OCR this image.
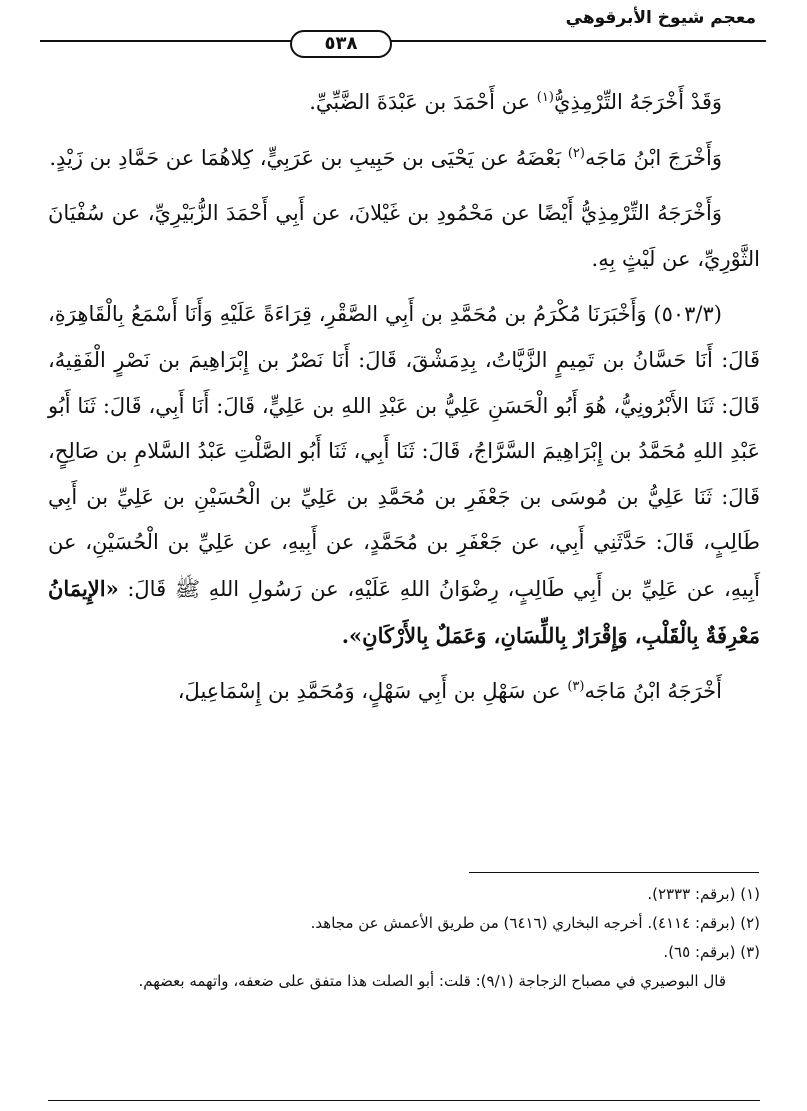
معجم شيوخ الأبرقوهي
٥٣٨

وَقَدْ أَخْرَجَهُ التِّرْمِذِيُّ$^{(١)}$ عن أَحْمَدَ بن عَبْدَةَ الضَّبِّيِّ.

وَأَخْرَجَ ابْنُ مَاجَه$^{(٢)}$ بَعْضَهُ عن يَحْيَى بن حَبِيبِ بن عَرَبِيٍّ، كِلاهُمَا عن حَمَّادِ بن زَيْدٍ.

وَأَخْرَجَهُ التِّرْمِذِيُّ أَيْضًا عن مَحْمُودِ بن غَيْلانَ، عن أَبِي أَحْمَدَ الزُّبَيْرِيِّ، عن سُفْيَانَ الثَّوْرِيِّ، عن لَيْثٍ بِهِ.

(٥٠٣/٣) وَأَخْبَرَنَا مُكْرَمُ بن مُحَمَّدِ بن أَبِي الصَّقْرِ، قِرَاءَةً عَلَيْهِ وَأَنَا أَسْمَعُ بِالْقَاهِرَةِ، قَالَ: أَنَا حَسَّانُ بن تَمِيمٍ الزَّيَّاتُ، بِدِمَشْقَ، قَالَ: أَنَا نَصْرُ بن إِبْرَاهِيمَ بن نَصْرٍ الْفَقِيهُ، قَالَ: ثَنَا الأَبْرُونِيُّ، هُوَ أَبُو الْحَسَنِ عَلِيُّ بن عَبْدِ اللهِ بن عَلِيٍّ، قَالَ: أَنَا أَبِي، قَالَ: ثَنَا أَبُو عَبْدِ اللهِ مُحَمَّدُ بن إِبْرَاهِيمَ السَّرَّاجُ، قَالَ: ثَنَا أَبِي، ثَنَا أَبُو الصَّلْتِ عَبْدُ السَّلامِ بن صَالِحٍ، قَالَ: ثَنَا عَلِيُّ بن مُوسَى بن جَعْفَرِ بن مُحَمَّدِ بن عَلِيِّ بن الْحُسَيْنِ بن عَلِيِّ بن أَبِي طَالِبٍ، قَالَ: حَدَّثَنِي أَبِي، عن جَعْفَرِ بن مُحَمَّدٍ، عن أَبِيهِ، عن عَلِيِّ بن الْحُسَيْنِ، عن أَبِيهِ، عن عَلِيِّ بن أَبِي طَالِبٍ، رِضْوَانُ اللهِ عَلَيْهِ، عن رَسُولِ اللهِ ﷺ قَالَ: «الإِيمَانُ مَعْرِفَةٌ بِالْقَلْبِ، وَإِقْرَارٌ بِاللِّسَانِ، وَعَمَلٌ بِالأَرْكَانِ».

أَخْرَجَهُ ابْنُ مَاجَه$^{(٣)}$ عن سَهْلِ بن أَبِي سَهْلٍ، وَمُحَمَّدِ بن إِسْمَاعِيلَ،

(١) (برقم: ٢٣٣٣).

(٢) (برقم: ٤١١٤). أخرجه البخاري (٦٤١٦) من طريق الأعمش عن مجاهد.

(٣) (برقم: ٦٥).

قال البوصيري في مصباح الزجاجة (٩/١): قلت: أبو الصلت هذا متفق على ضعفه، واتهمه بعضهم.
